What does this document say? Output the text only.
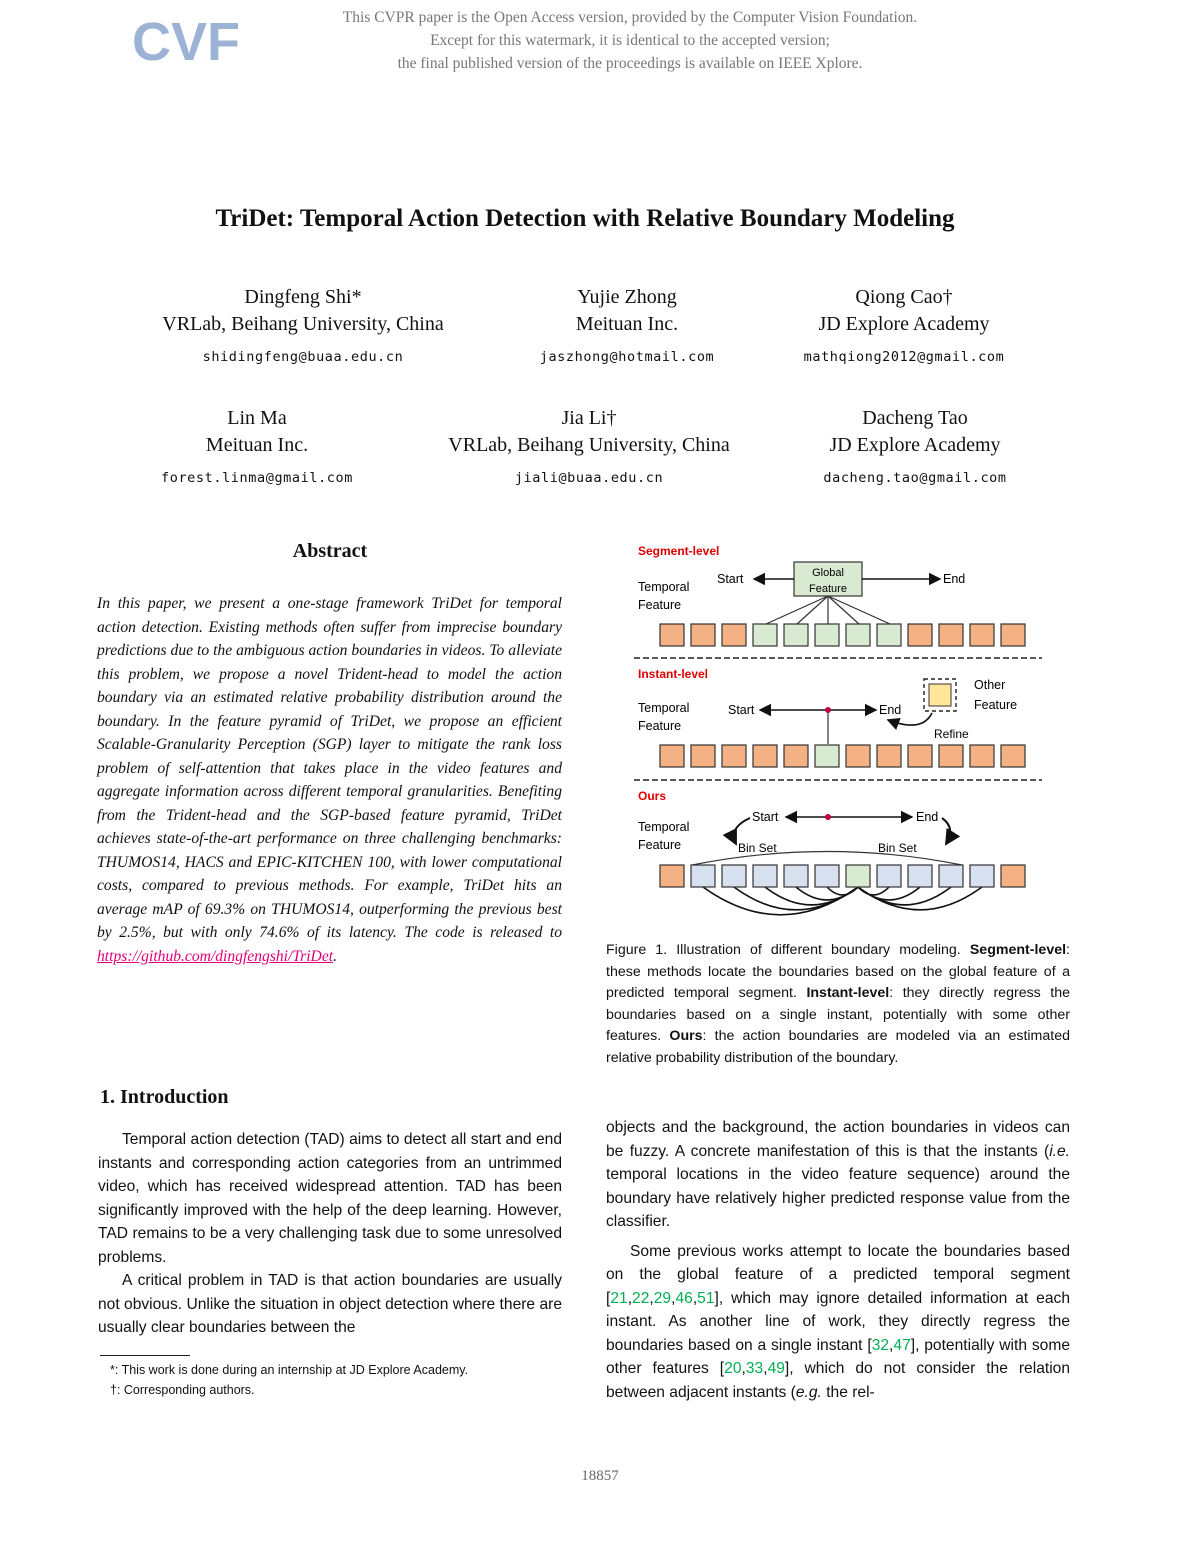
CVF	This CVPR paper is the Open Access version, provided by the Computer Vision Foundation.
Except for this watermark, it is identical to the accepted version;
the final published version of the proceedings is available on IEEE Xplore.
TriDet: Temporal Action Detection with Relative Boundary Modeling
Dingfeng Shi*
VRLab, Beihang University, China
shidingfeng@buaa.edu.cn
Yujie Zhong
Meituan Inc.
jaszhong@hotmail.com
Qiong Cao†
JD Explore Academy
mathqiong2012@gmail.com
Lin Ma
Meituan Inc.
forest.linma@gmail.com
Jia Li†
VRLab, Beihang University, China
jiali@buaa.edu.cn
Dacheng Tao
JD Explore Academy
dacheng.tao@gmail.com
Abstract
In this paper, we present a one-stage framework TriDet for temporal action detection. Existing methods often suffer from imprecise boundary predictions due to the ambiguous action boundaries in videos. To alleviate this problem, we propose a novel Trident-head to model the action boundary via an estimated relative probability distribution around the boundary. In the feature pyramid of TriDet, we propose an efficient Scalable-Granularity Perception (SGP) layer to mitigate the rank loss problem of self-attention that takes place in the video features and aggregate information across different temporal granularities. Benefiting from the Trident-head and the SGP-based feature pyramid, TriDet achieves state-of-the-art performance on three challenging benchmarks: THUMOS14, HACS and EPIC-KITCHEN 100, with lower computational costs, compared to previous methods. For example, TriDet hits an average mAP of 69.3% on THUMOS14, outperforming the previous best by 2.5%, but with only 74.6% of its latency. The code is released to https://github.com/dingfengshi/TriDet.
1. Introduction

Temporal action detection (TAD) aims to detect all start and end instants and corresponding action categories from an untrimmed video, which has received widespread attention. TAD has been significantly improved with the help of the deep learning. However, TAD remains to be a very challenging task due to some unresolved problems.

A critical problem in TAD is that action boundaries are usually not obvious. Unlike the situation in object detection where there are usually clear boundaries between the

*: This work is done during an internship at JD Explore Academy.
†: Corresponding authors.
Segment-level
Temporal Feature
Global Feature
Start	End
Instant-level
Temporal Feature
Start	End
Other Feature
Refine
Ours
Temporal Feature
Start	End
Bin Set	Bin Set
Figure 1. Illustration of different boundary modeling. Segment-level: these methods locate the boundaries based on the global feature of a predicted temporal segment. Instant-level: they directly regress the boundaries based on a single instant, potentially with some other features. Ours: the action boundaries are modeled via an estimated relative probability distribution of the boundary.

objects and the background, the action boundaries in videos can be fuzzy. A concrete manifestation of this is that the instants (i.e. temporal locations in the video feature sequence) around the boundary have relatively higher predicted response value from the classifier.

Some previous works attempt to locate the boundaries based on the global feature of a predicted temporal segment [21,22,29,46,51], which may ignore detailed information at each instant. As another line of work, they directly regress the boundaries based on a single instant [32,47], potentially with some other features [20,33,49], which do not consider the relation between adjacent instants (e.g. the rel-

18857
